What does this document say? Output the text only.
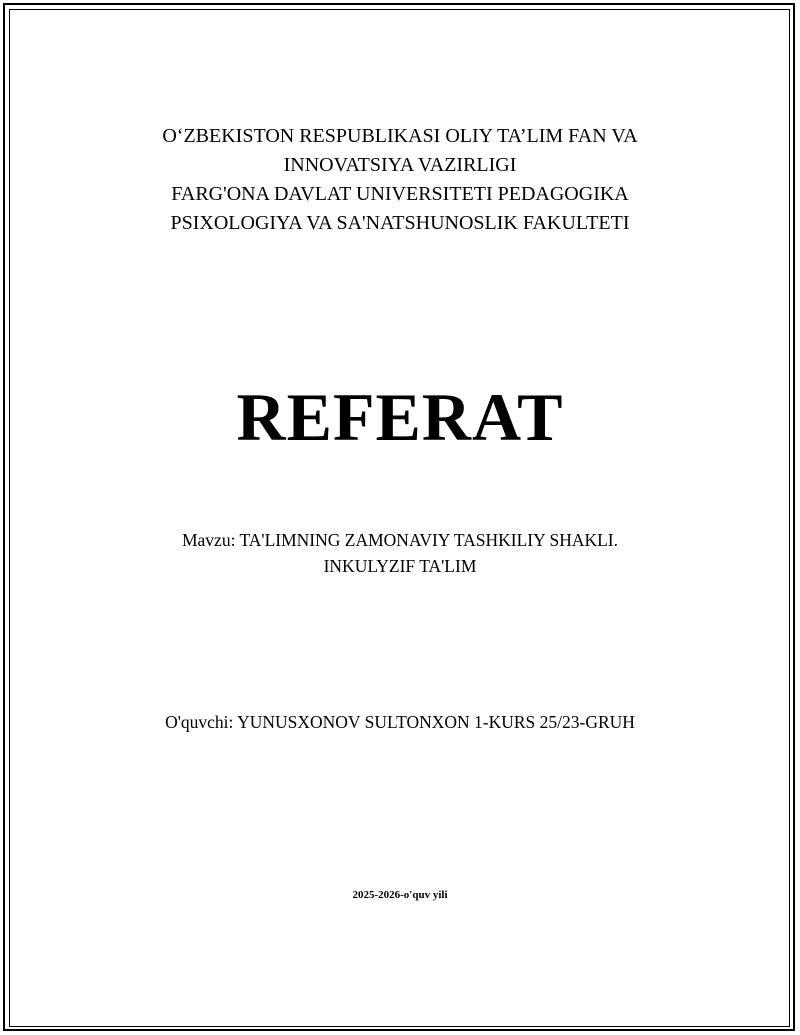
O‘ZBEKISTON RESPUBLIKASI OLIY TA’LIM FAN VA
INNOVATSIYA VAZIRLIGI
FARG'ONA DAVLAT UNIVERSITETI PEDAGOGIKA
PSIXOLOGIYA VA SA'NATSHUNOSLIK FAKULTETI
REFERAT
Mavzu: TA'LIMNING ZAMONAVIY TASHKILIY SHAKLI.
INKULYZIF TA'LIM
O'quvchi: YUNUSXONOV SULTONXON 1-KURS 25/23-GRUH
2025-2026-o'quv yili
